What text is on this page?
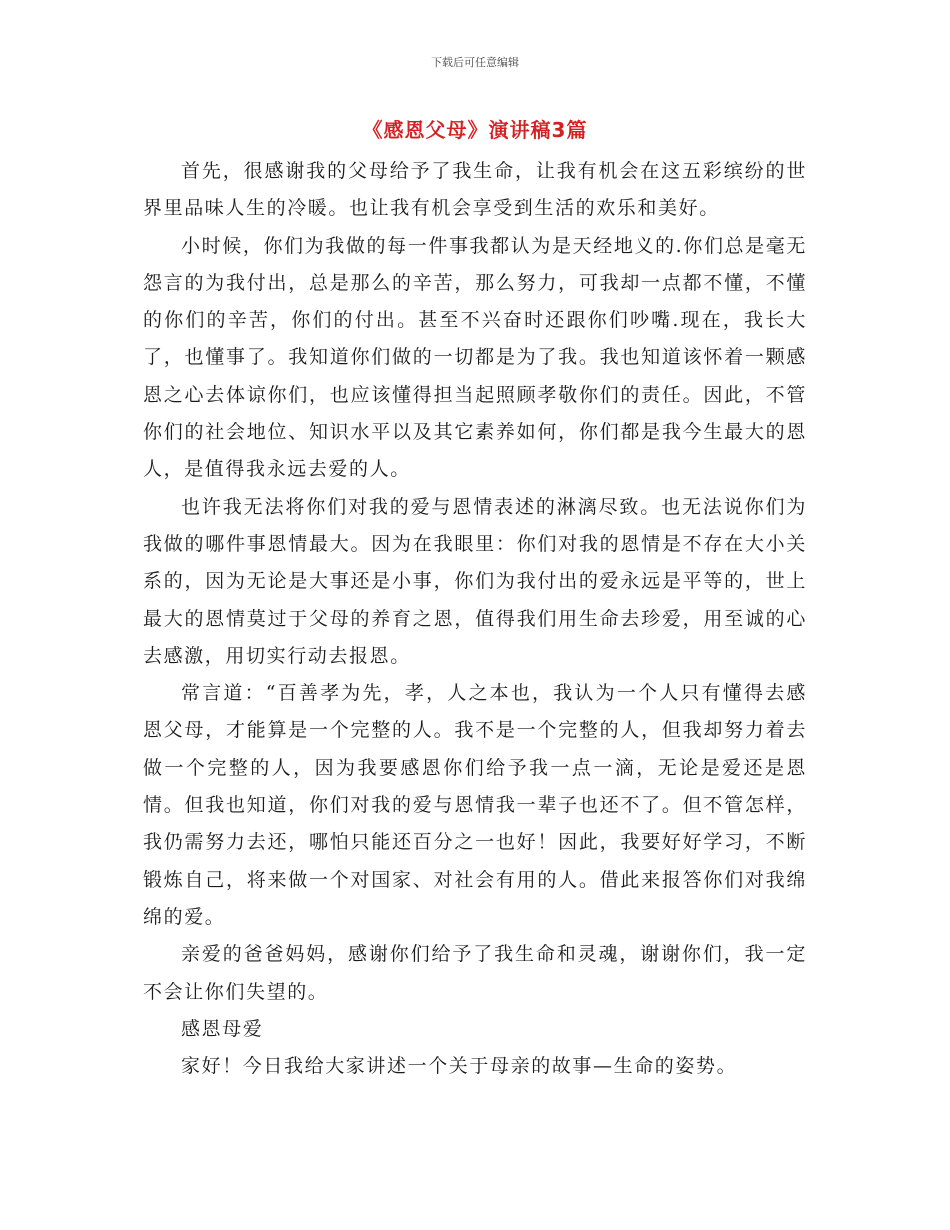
下载后可任意编辑
《感恩父母》演讲稿3篇

首先，很感谢我的父母给予了我生命，让我有机会在这五彩缤纷的世界里品味人生的冷暖。也让我有机会享受到生活的欢乐和美好。

小时候，你们为我做的每一件事我都认为是天经地义的.你们总是毫无怨言的为我付出，总是那么的辛苦，那么努力，可我却一点都不懂，不懂的你们的辛苦，你们的付出。甚至不兴奋时还跟你们吵嘴.现在，我长大了，也懂事了。我知道你们做的一切都是为了我。我也知道该怀着一颗感恩之心去体谅你们，也应该懂得担当起照顾孝敬你们的责任。因此，不管你们的社会地位、知识水平以及其它素养如何，你们都是我今生最大的恩人，是值得我永远去爱的人。

也许我无法将你们对我的爱与恩情表述的淋漓尽致。也无法说你们为我做的哪件事恩情最大。因为在我眼里：你们对我的恩情是不存在大小关系的，因为无论是大事还是小事，你们为我付出的爱永远是平等的，世上最大的恩情莫过于父母的养育之恩，值得我们用生命去珍爱，用至诚的心去感激，用切实行动去报恩。

常言道：“百善孝为先，孝，人之本也，我认为一个人只有懂得去感恩父母，才能算是一个完整的人。我不是一个完整的人，但我却努力着去做一个完整的人，因为我要感恩你们给予我一点一滴，无论是爱还是恩情。但我也知道，你们对我的爱与恩情我一辈子也还不了。但不管怎样，我仍需努力去还，哪怕只能还百分之一也好！因此，我要好好学习，不断锻炼自己，将来做一个对国家、对社会有用的人。借此来报答你们对我绵绵的爱。

亲爱的爸爸妈妈，感谢你们给予了我生命和灵魂，谢谢你们，我一定不会让你们失望的。

感恩母爱

家好！今日我给大家讲述一个关于母亲的故事—生命的姿势。
